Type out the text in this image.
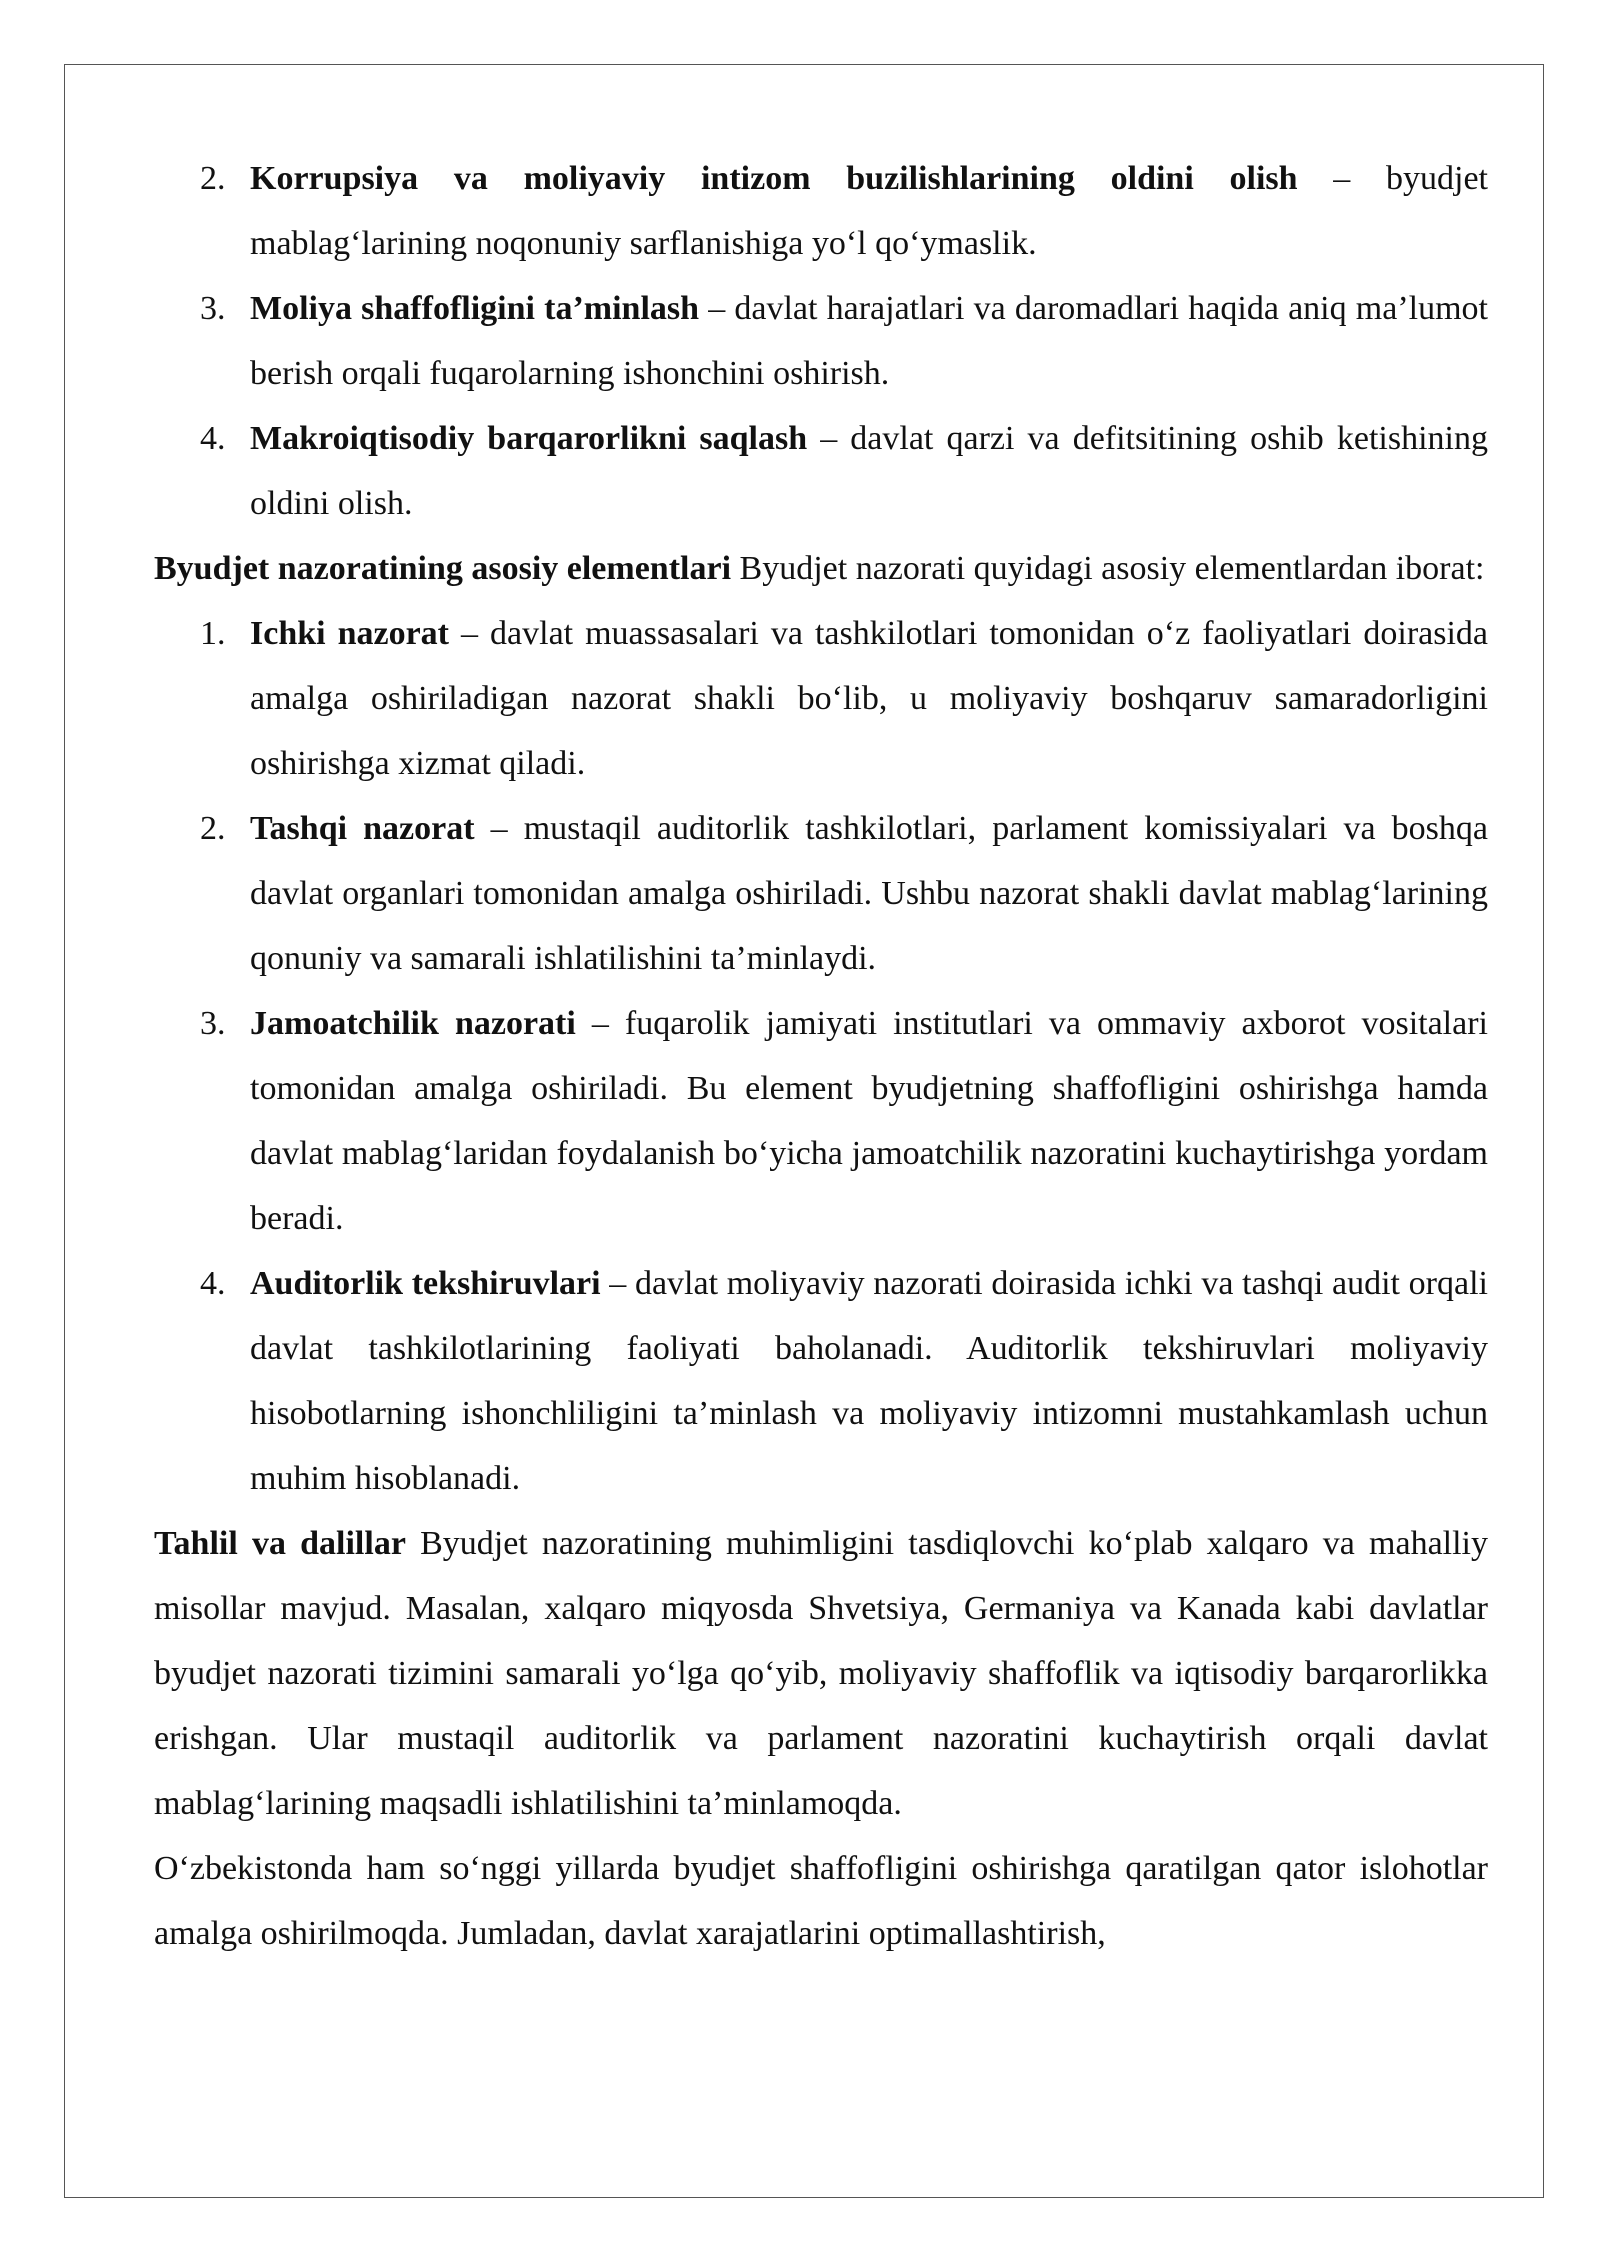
2. Korrupsiya va moliyaviy intizom buzilishlarining oldini olish – byudjet mablag‘larining noqonuniy sarflanishiga yo‘l qo‘ymaslik.
3. Moliya shaffofligini ta’minlash – davlat harajatlari va daromadlari haqida aniq ma’lumot berish orqali fuqarolarning ishonchini oshirish.
4. Makroiqtisodiy barqarorlikni saqlash – davlat qarzi va defitsitining oshib ketishining oldini olish.

Byudjet nazoratining asosiy elementlari Byudjet nazorati quyidagi asosiy elementlardan iborat:

1. Ichki nazorat – davlat muassasalari va tashkilotlari tomonidan o‘z faoliyatlari doirasida amalga oshiriladigan nazorat shakli bo‘lib, u moliyaviy boshqaruv samaradorligini oshirishga xizmat qiladi.
2. Tashqi nazorat – mustaqil auditorlik tashkilotlari, parlament komissiyalari va boshqa davlat organlari tomonidan amalga oshiriladi. Ushbu nazorat shakli davlat mablag‘larining qonuniy va samarali ishlatilishini ta’minlaydi.
3. Jamoatchilik nazorati – fuqarolik jamiyati institutlari va ommaviy axborot vositalari tomonidan amalga oshiriladi. Bu element byudjetning shaffofligini oshirishga hamda davlat mablag‘laridan foydalanish bo‘yicha jamoatchilik nazoratini kuchaytirishga yordam beradi.
4. Auditorlik tekshiruvlari – davlat moliyaviy nazorati doirasida ichki va tashqi audit orqali davlat tashkilotlarining faoliyati baholanadi. Auditorlik tekshiruvlari moliyaviy hisobotlarning ishonchliligini ta’minlash va moliyaviy intizomni mustahkamlash uchun muhim hisoblanadi.

Tahlil va dalillar Byudjet nazoratining muhimligini tasdiqlovchi ko‘plab xalqaro va mahalliy misollar mavjud. Masalan, xalqaro miqyosda Shvetsiya, Germaniya va Kanada kabi davlatlar byudjet nazorati tizimini samarali yo‘lga qo‘yib, moliyaviy shaffoflik va iqtisodiy barqarorlikka erishgan. Ular mustaqil auditorlik va parlament nazoratini kuchaytirish orqali davlat mablag‘larining maqsadli ishlatilishini ta’minlamoqda.

O‘zbekistonda ham so‘nggi yillarda byudjet shaffofligini oshirishga qaratilgan qator islohotlar amalga oshirilmoqda. Jumladan, davlat xarajatlarini optimallashtirish,
